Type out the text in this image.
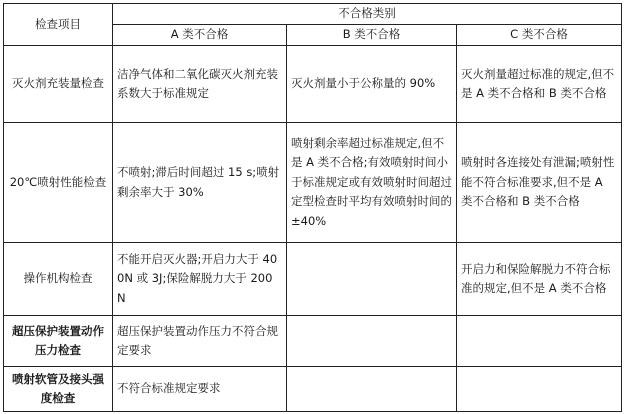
检查项目	不合格类别		
	A 类不合格	B 类不合格	C 类不合格
灭火剂充装量检查	洁净气体和二氧化碳灭火剂充装系数大于标准规定	灭火剂量小于公称量的 90%	灭火剂量超过标准的规定,但不是 A 类不合格和 B 类不合格
20℃喷射性能检查	不喷射;滞后时间超过 15 s;喷射剩余率大于 30%	喷射剩余率超过标准规定,但不是 A 类不合格;有效喷射时间小于标准规定或有效喷射时间超过定型检查时平均有效喷射时间的±40%	喷射时各连接处有泄漏;喷射性能不符合标准要求,但不是 A 类不合格和 B 类不合格
操作机构检查	不能开启灭火器;开启力大于 400N 或 3J;保险解脱力大于 200 N		开启力和保险解脱力不符合标准的规定,但不是 A 类不合格
超压保护装置动作压力检查	超压保护装置动作压力不符合规定要求		
喷射软管及接头强度检查	不符合标准规定要求		
